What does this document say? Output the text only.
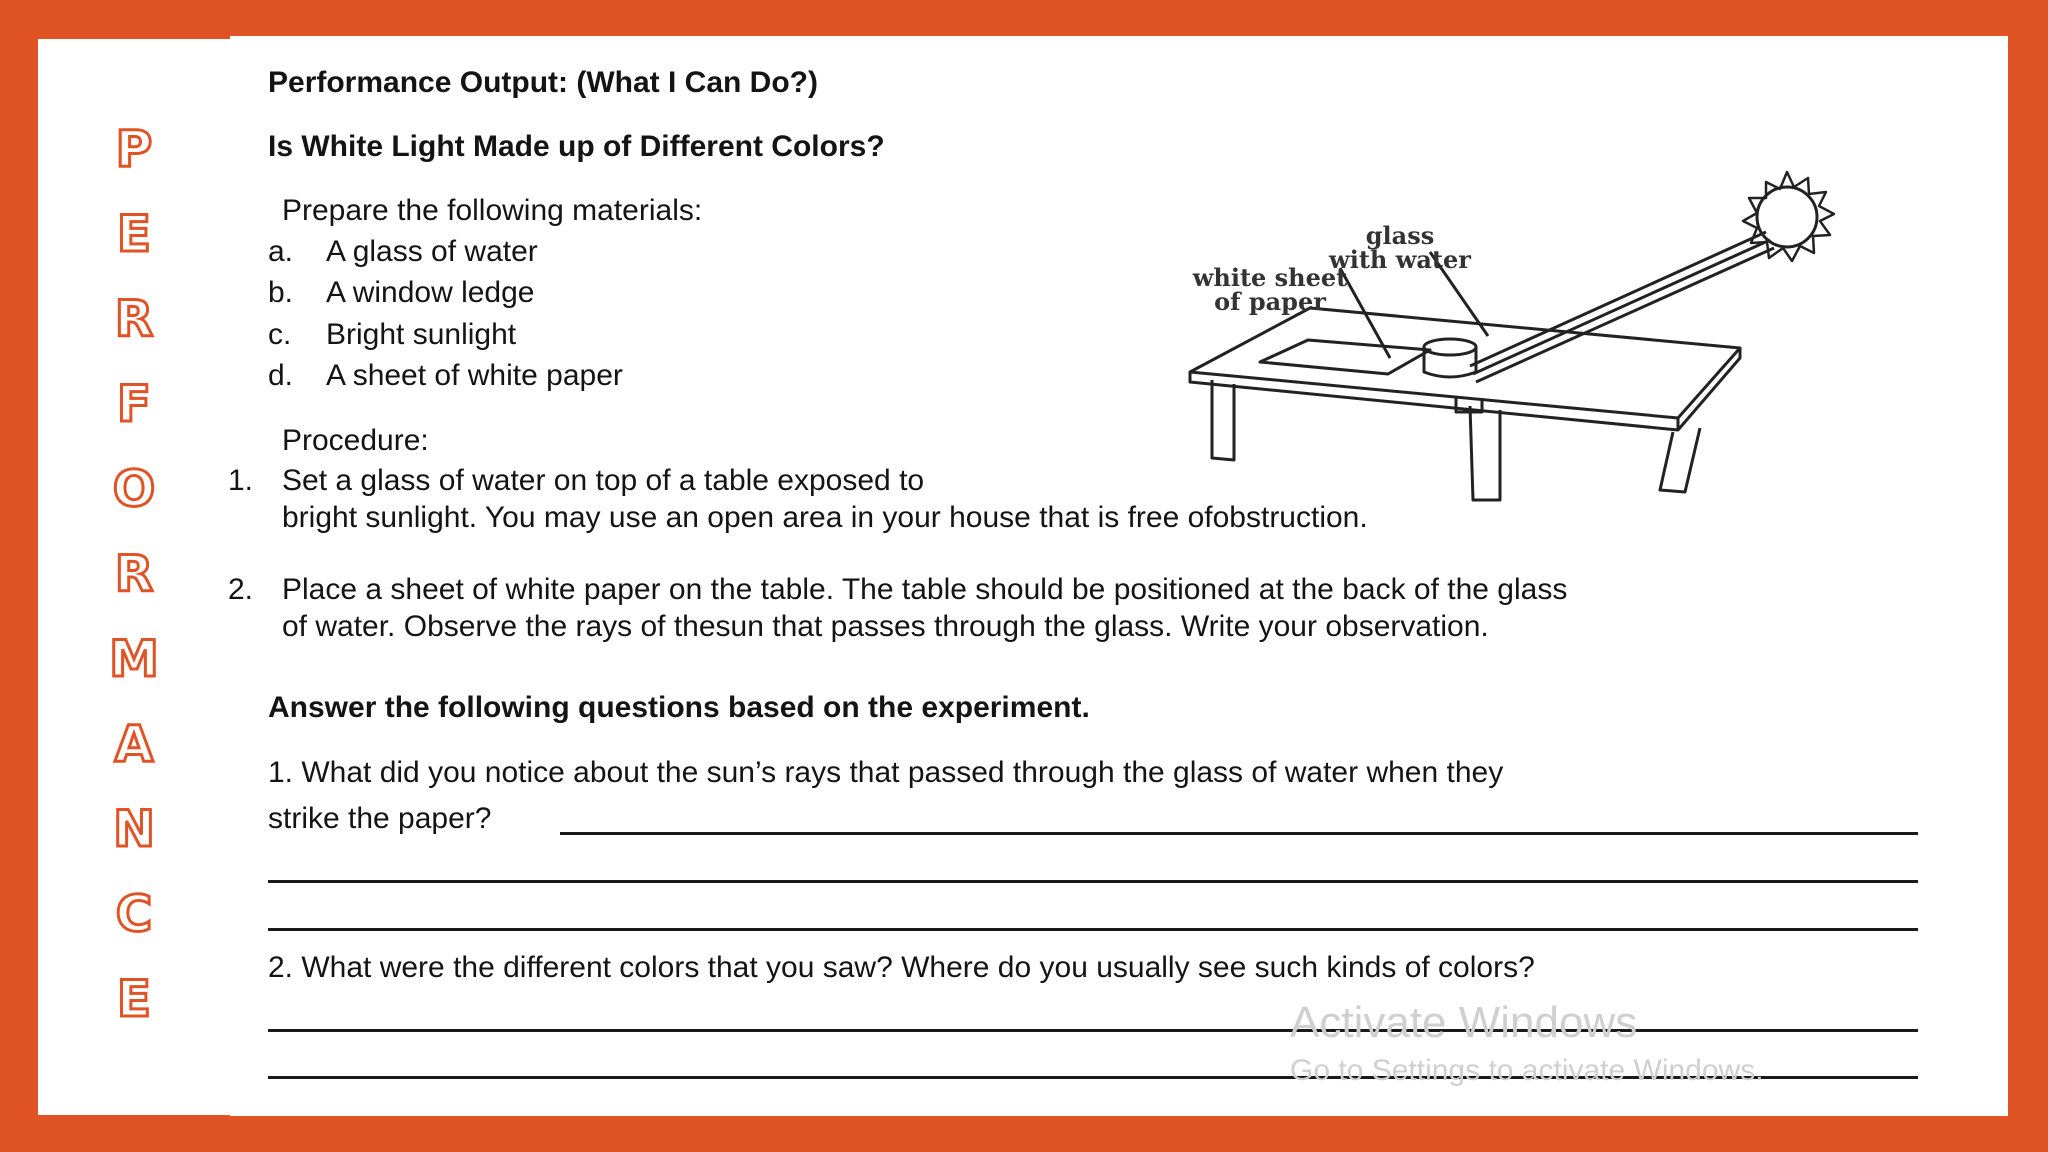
P
E
R
F
O
R
M
A
N
C
E
Performance Output: (What I Can Do?)
Is White Light Made up of Different Colors?
Prepare the following materials:
a. A glass of water
b. A window ledge
c. Bright sunlight
d. A sheet of white paper
Procedure:
1. Set a glass of water on top of a table exposed to
bright sunlight. You may use an open area in your house that is free ofobstruction.
2. Place a sheet of white paper on the table. The table should be positioned at the back of the glass
of water. Observe the rays of thesun that passes through the glass. Write your observation.
Answer the following questions based on the experiment.
1. What did you notice about the sun’s rays that passed through the glass of water when they
strike the paper?
2. What were the different colors that you saw? Where do you usually see such kinds of colors?
glass
with water
white sheet
of paper
Activate Windows
Go to Settings to activate Windows.
